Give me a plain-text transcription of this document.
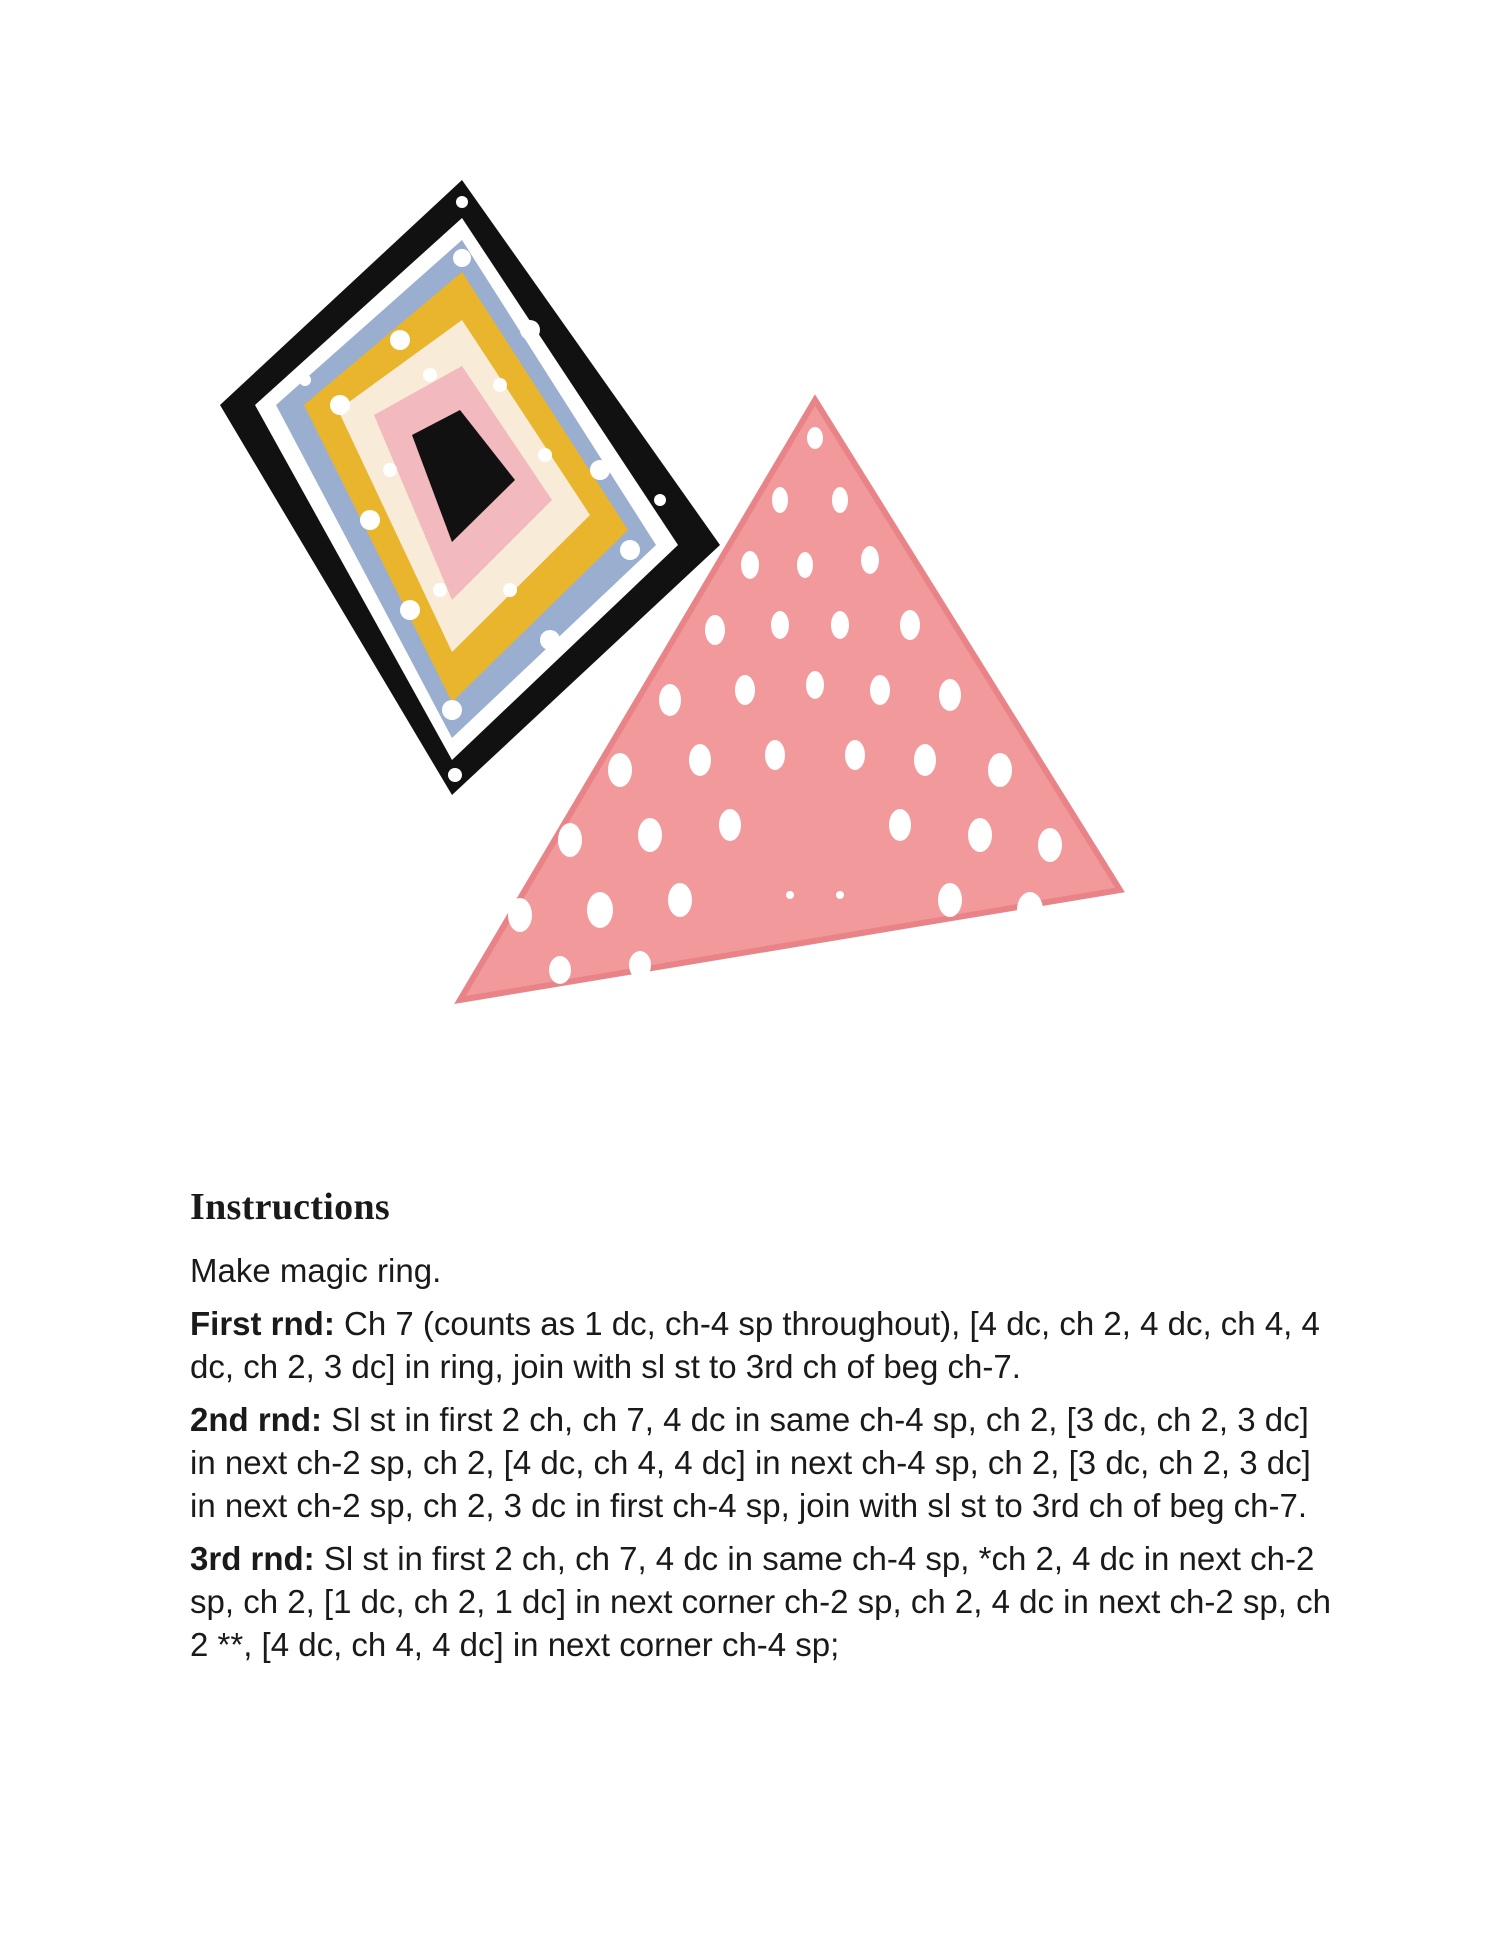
Instructions

Make magic ring.

First rnd: Ch 7 (counts as 1 dc, ch-4 sp throughout), [4 dc, ch 2, 4 dc, ch 4, 4 dc, ch 2, 3 dc] in ring, join with sl st to 3rd ch of beg ch-7.

2nd rnd: Sl st in first 2 ch, ch 7, 4 dc in same ch-4 sp, ch 2, [3 dc, ch 2, 3 dc] in next ch-2 sp, ch 2, [4 dc, ch 4, 4 dc] in next ch-4 sp, ch 2, [3 dc, ch 2, 3 dc] in next ch-2 sp, ch 2, 3 dc in first ch-4 sp, join with sl st to 3rd ch of beg ch-7.

3rd rnd: Sl st in first 2 ch, ch 7, 4 dc in same ch-4 sp, *ch 2, 4 dc in next ch-2 sp, ch 2, [1 dc, ch 2, 1 dc] in next corner ch-2 sp, ch 2, 4 dc in next ch-2 sp, ch 2 **, [4 dc, ch 4, 4 dc] in next corner ch-4 sp;
